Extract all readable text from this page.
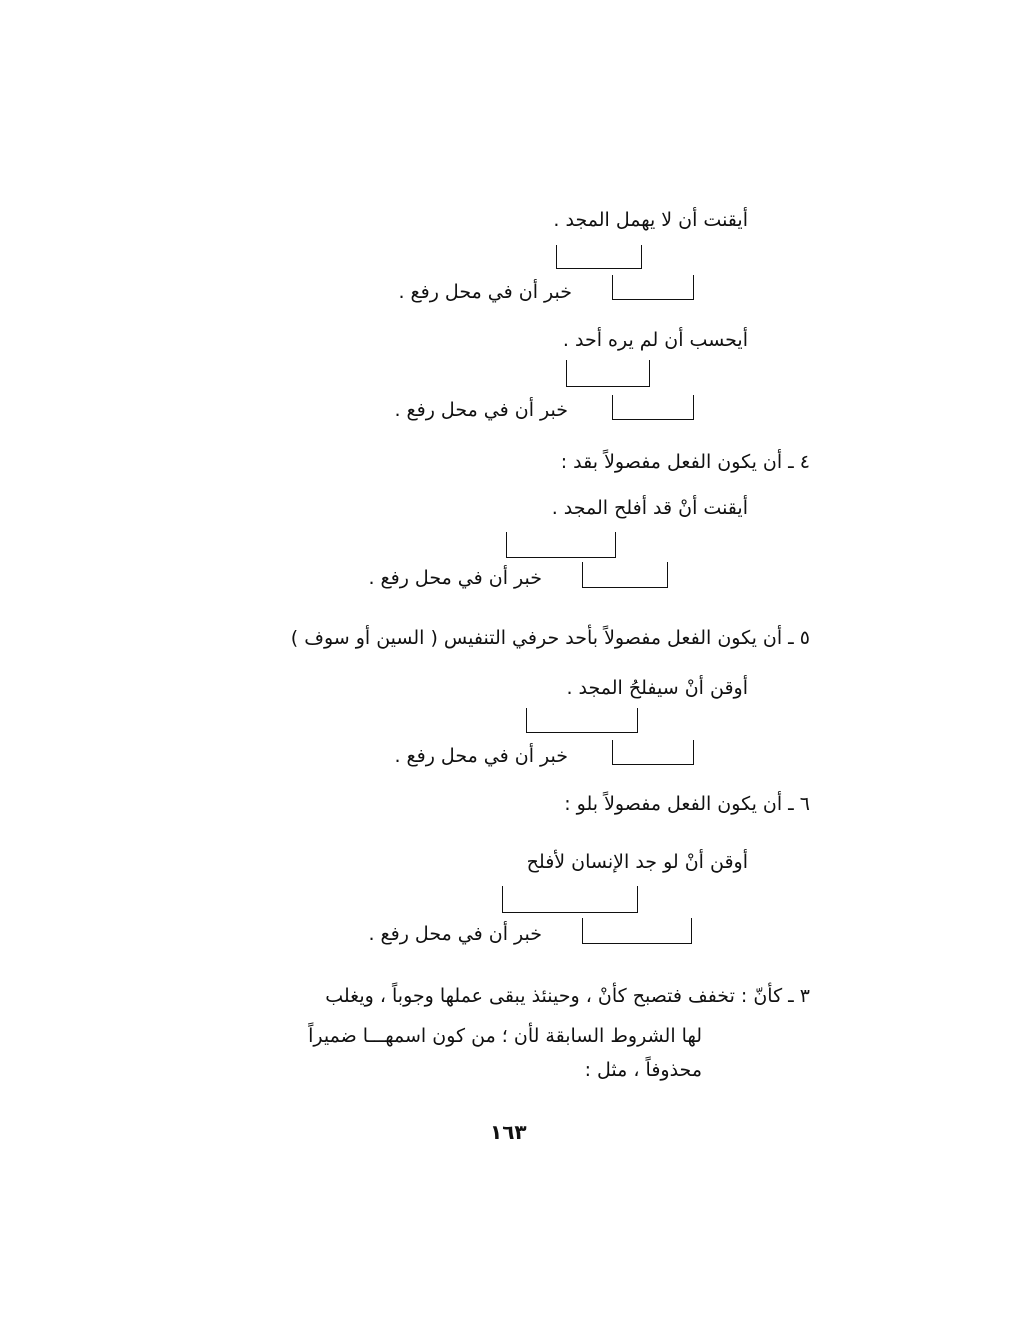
أيقنت أن لا يهمل المجد .
خبر أن في محل رفع .
أيحسب أن لم يره أحد .
خبر أن في محل رفع .
٤ ـ أن يكون الفعل مفصولاً بقد :
أيقنت أنْ قد أفلح المجد .
خبر أن في محل رفع .
٥ ـ أن يكون الفعل مفصولاً بأحد حرفي التنفيس ( السين أو سوف )
أوقن أنْ سيفلحُ المجد .
خبر أن في محل رفع .
٦ ـ أن يكون الفعل مفصولاً بلو :
أوقن أنْ لو جد الإنسان لأفلح
خبر أن في محل رفع .
٣ ـ كأنّ : تخفف فتصبح كأنْ ، وحينئذ يبقى عملها وجوباً ، ويغلب
لها الشروط السابقة لأن ؛ من كون اسمهـــا ضميراً
محذوفاً ، مثل :
١٦٣
